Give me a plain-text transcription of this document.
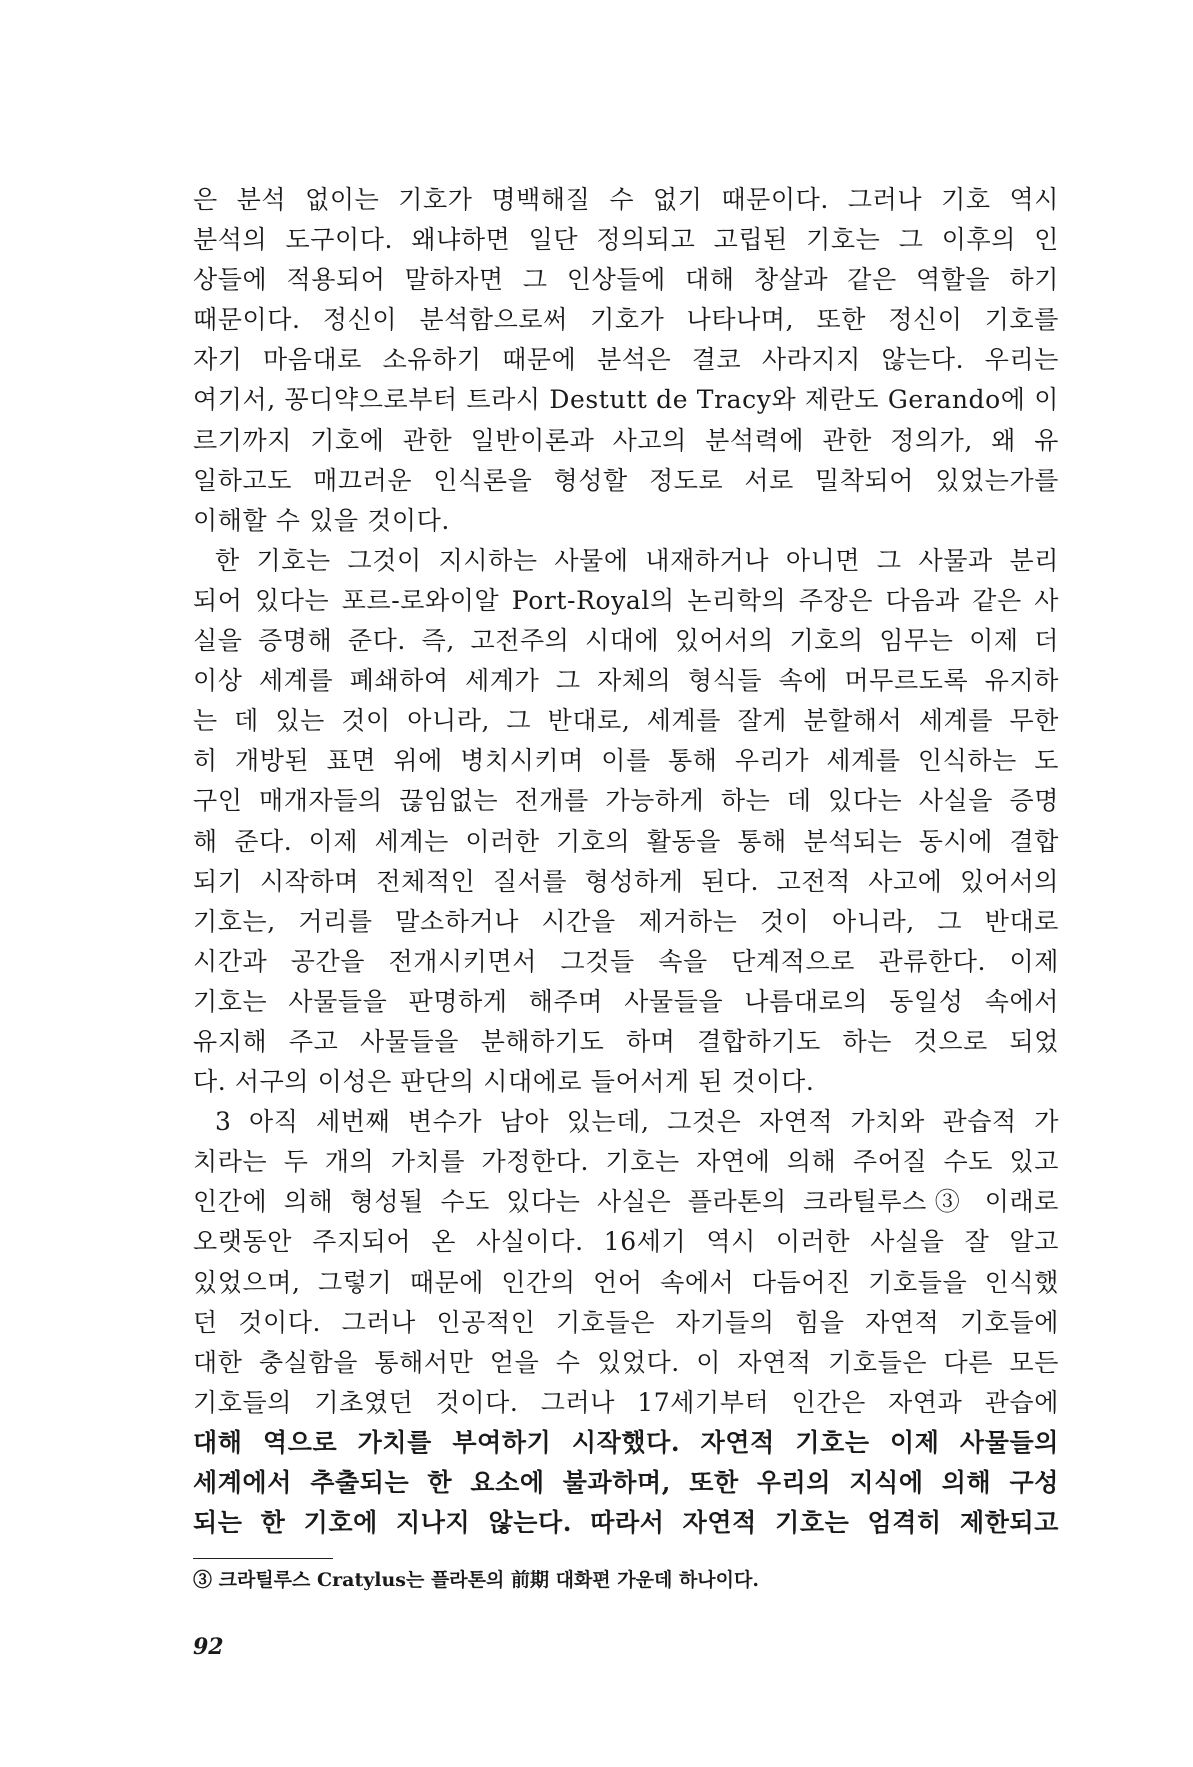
은 분석 없이는 기호가 명백해질 수 없기 때문이다. 그러나 기호 역시
분석의 도구이다. 왜냐하면 일단 정의되고 고립된 기호는 그 이후의 인
상들에 적용되어 말하자면 그 인상들에 대해 창살과 같은 역할을 하기
때문이다. 정신이 분석함으로써 기호가 나타나며, 또한 정신이 기호를
자기 마음대로 소유하기 때문에 분석은 결코 사라지지 않는다. 우리는
여기서, 꽁디약으로부터 트라시 Destutt de Tracy와 제란도 Gerando에 이
르기까지 기호에 관한 일반이론과 사고의 분석력에 관한 정의가, 왜 유
일하고도 매끄러운 인식론을 형성할 정도로 서로 밀착되어 있었는가를
이해할 수 있을 것이다.
한 기호는 그것이 지시하는 사물에 내재하거나 아니면 그 사물과 분리
되어 있다는 포르-로와이알 Port-Royal의 논리학의 주장은 다음과 같은 사
실을 증명해 준다. 즉, 고전주의 시대에 있어서의 기호의 임무는 이제 더
이상 세계를 폐쇄하여 세계가 그 자체의 형식들 속에 머무르도록 유지하
는 데 있는 것이 아니라, 그 반대로, 세계를 잘게 분할해서 세계를 무한
히 개방된 표면 위에 병치시키며 이를 통해 우리가 세계를 인식하는 도
구인 매개자들의 끊임없는 전개를 가능하게 하는 데 있다는 사실을 증명
해 준다. 이제 세계는 이러한 기호의 활동을 통해 분석되는 동시에 결합
되기 시작하며 전체적인 질서를 형성하게 된다. 고전적 사고에 있어서의
기호는, 거리를 말소하거나 시간을 제거하는 것이 아니라, 그 반대로
시간과 공간을 전개시키면서 그것들 속을 단계적으로 관류한다. 이제
기호는 사물들을 판명하게 해주며 사물들을 나름대로의 동일성 속에서
유지해 주고 사물들을 분해하기도 하며 결합하기도 하는 것으로 되었
다. 서구의 이성은 판단의 시대에로 들어서게 된 것이다.
3 아직 세번째 변수가 남아 있는데, 그것은 자연적 가치와 관습적 가
치라는 두 개의 가치를 가정한다. 기호는 자연에 의해 주어질 수도 있고
인간에 의해 형성될 수도 있다는 사실은 플라톤의 크라틸루스③ 이래로
오랫동안 주지되어 온 사실이다. 16세기 역시 이러한 사실을 잘 알고
있었으며, 그렇기 때문에 인간의 언어 속에서 다듬어진 기호들을 인식했
던 것이다. 그러나 인공적인 기호들은 자기들의 힘을 자연적 기호들에
대한 충실함을 통해서만 얻을 수 있었다. 이 자연적 기호들은 다른 모든
기호들의 기초였던 것이다. 그러나 17세기부터 인간은 자연과 관습에
대해 역으로 가치를 부여하기 시작했다. 자연적 기호는 이제 사물들의
세계에서 추출되는 한 요소에 불과하며, 또한 우리의 지식에 의해 구성
되는 한 기호에 지나지 않는다. 따라서 자연적 기호는 엄격히 제한되고
③ 크라틸루스 Cratylus는 플라톤의 前期 대화편 가운데 하나이다.
92
